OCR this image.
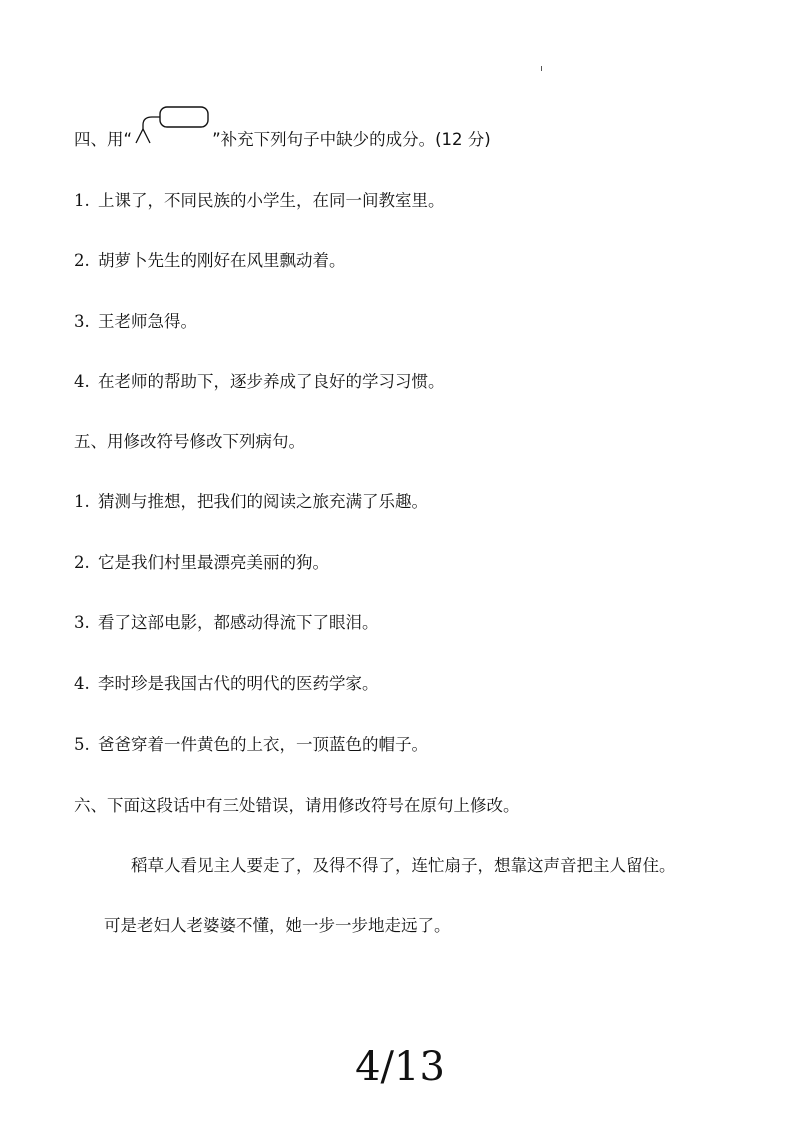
四、用“	”补充下列句子中缺少的成分。(12 分)

1. 上课了，不同民族的小学生，在同一间教室里。

2. 胡萝卜先生的刚好在风里飘动着。

3. 王老师急得。

4. 在老师的帮助下，逐步养成了良好的学习习惯。

五、用修改符号修改下列病句。

1. 猜测与推想，把我们的阅读之旅充满了乐趣。

2. 它是我们村里最漂亮美丽的狗。

3. 看了这部电影，都感动得流下了眼泪。

4. 李时珍是我国古代的明代的医药学家。

5. 爸爸穿着一件黄色的上衣，一顶蓝色的帽子。

六、下面这段话中有三处错误，请用修改符号在原句上修改。

稻草人看见主人要走了，及得不得了，连忙扇子，想靠这声音把主人留住。

可是老妇人老婆婆不懂，她一步一步地走远了。

4/13
